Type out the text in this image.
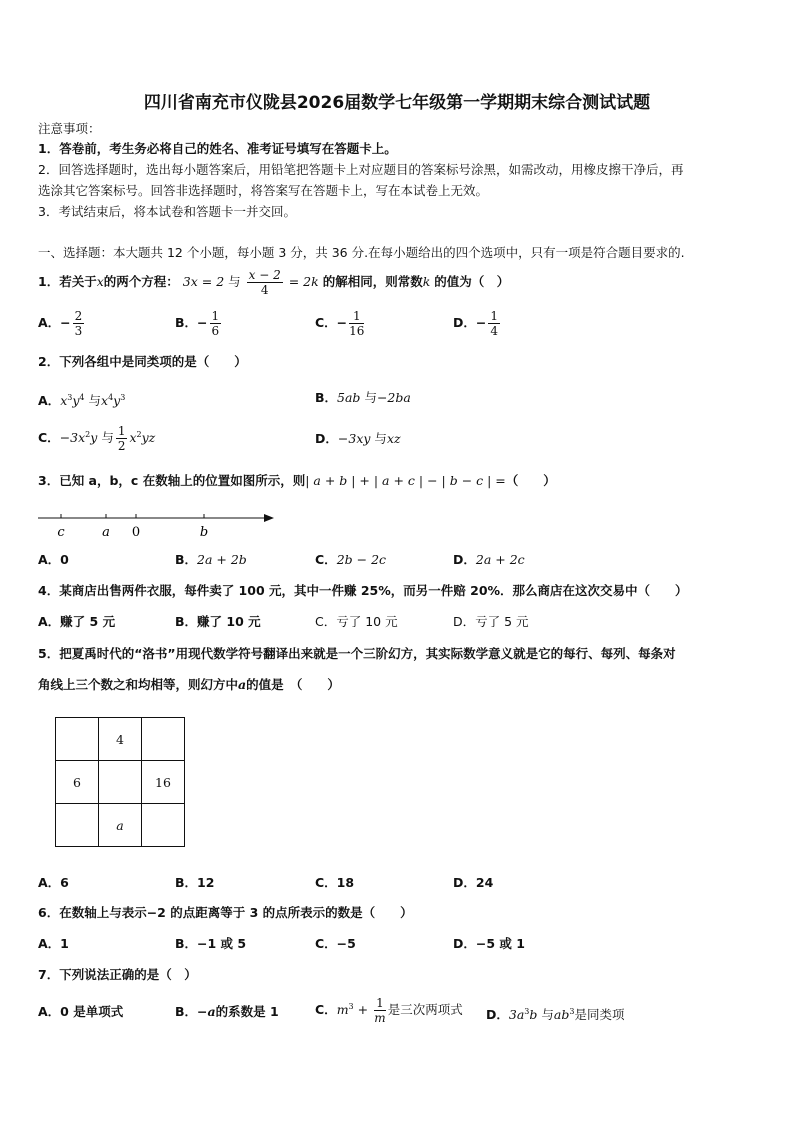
四川省南充市仪陇县2026届数学七年级第一学期期末综合测试试题
注意事项：
1．答卷前，考生务必将自己的姓名、准考证号填写在答题卡上。
2．回答选择题时，选出每小题答案后，用铅笔把答题卡上对应题目的答案标号涂黑，如需改动，用橡皮擦干净后，再
选涂其它答案标号。回答非选择题时，将答案写在答题卡上，写在本试卷上无效。
3．考试结束后，将本试卷和答题卡一并交回。
一、选择题：本大题共 12 个小题，每小题 3 分，共 36 分.在每小题给出的四个选项中，只有一项是符合题目要求的.
1．若关于x的两个方程： 3x = 2 与 $\frac{x - 2}{4} = 2k$ 的解相同，则常数k 的值为（　）
A．− $\frac{2}{3}$	B．− $\frac{1}{6}$	C．− $\frac{1}{16}$	D．− $\frac{1}{4}$
2．下列各组中是同类项的是（　　）
A．$x^3y^4$ 与$x^4y^3$	B．5ab 与−2ba
C．$-3x^2y$ 与 $\frac{1}{2} x^2yz$	D．−3xy 与xz
3．已知 a，b，c 在数轴上的位置如图所示，则| a + b | + | a + c | − | b − c | =（　　）
c	a 0	b
A．0	B．2a + 2b	C．2b − 2c	D．2a + 2c
4．某商店出售两件衣服，每件卖了 100 元，其中一件赚 25%，而另一件赔 20%．那么商店在这次交易中（　　）
A．赚了 5 元	B．赚了 10 元	C．亏了 10 元	D．亏了 5 元
5．把夏禹时代的“洛书”用现代数学符号翻译出来就是一个三阶幻方，其实际数学意义就是它的每行、每列、每条对
角线上三个数之和均相等，则幻方中a的值是　（　　）
	4	
6		16
	a	
A．6	B．12	C．18	D．24
6．在数轴上与表示−2 的点距离等于 3 的点所表示的数是（　　）
A．1	B．−1 或 5	C．−5	D．−5 或 1
7．下列说法正确的是（　）
A．0 是单项式	B．−a的系数是 1	C．$m^3 + \frac{1}{m}$ 是三次两项式 D．$3a^3b$ 与$ab^3$是同类项
